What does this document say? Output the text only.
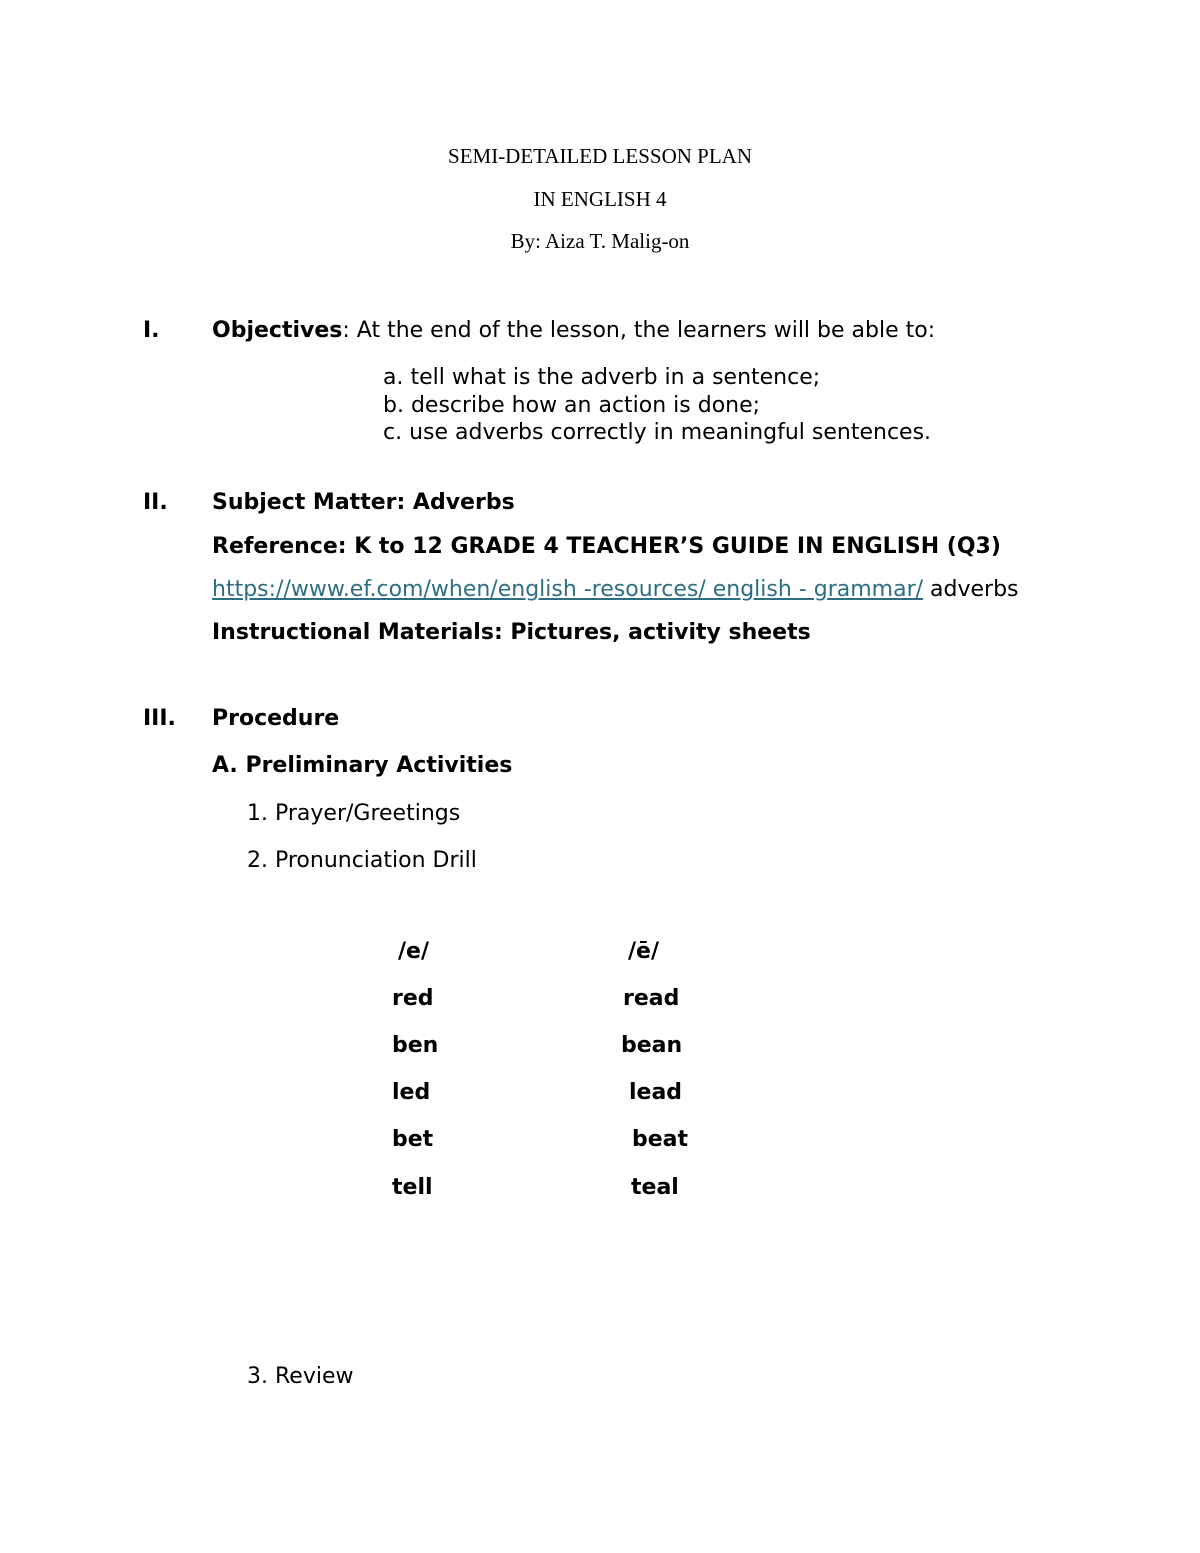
SEMI-DETAILED LESSON PLAN
IN ENGLISH 4
By: Aiza T. Malig-on
I. Objectives: At the end of the lesson, the learners will be able to:
a. tell what is the adverb in a sentence;
b. describe how an action is done;
c. use adverbs correctly in meaningful sentences.
II. Subject Matter: Adverbs
Reference: K to 12 GRADE 4 TEACHER’S GUIDE IN ENGLISH (Q3)
https://www.ef.com/when/english -resources/ english - grammar/ adverbs
Instructional Materials: Pictures, activity sheets
III. Procedure
A. Preliminary Activities
1. Prayer/Greetings
2. Pronunciation Drill
/e/	/ē/
red	read
ben	bean
led	lead
bet	beat
tell	teal
3. Review
